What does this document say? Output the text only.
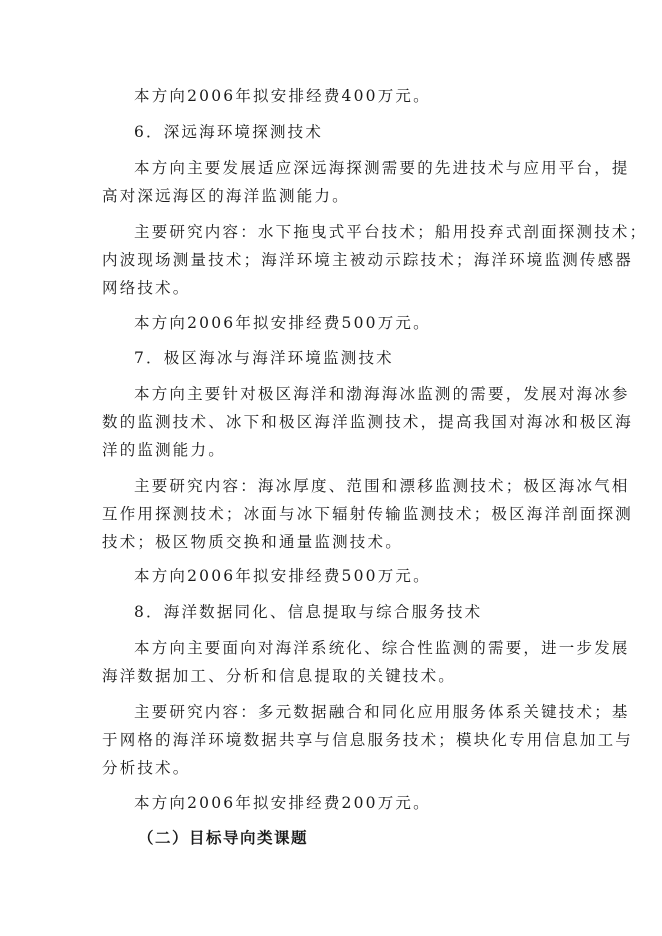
本方向2006年拟安排经费400万元。
6．深远海环境探测技术
本方向主要发展适应深远海探测需要的先进技术与应用平台，提
高对深远海区的海洋监测能力。
主要研究内容：水下拖曳式平台技术；船用投弃式剖面探测技术；
内波现场测量技术；海洋环境主被动示踪技术；海洋环境监测传感器
网络技术。
本方向2006年拟安排经费500万元。
7．极区海冰与海洋环境监测技术
本方向主要针对极区海洋和渤海海冰监测的需要，发展对海冰参
数的监测技术、冰下和极区海洋监测技术，提高我国对海冰和极区海
洋的监测能力。
主要研究内容：海冰厚度、范围和漂移监测技术；极区海冰气相
互作用探测技术；冰面与冰下辐射传输监测技术；极区海洋剖面探测
技术；极区物质交换和通量监测技术。
本方向2006年拟安排经费500万元。
8．海洋数据同化、信息提取与综合服务技术
本方向主要面向对海洋系统化、综合性监测的需要，进一步发展
海洋数据加工、分析和信息提取的关键技术。
主要研究内容：多元数据融合和同化应用服务体系关键技术；基
于网格的海洋环境数据共享与信息服务技术；模块化专用信息加工与
分析技术。
本方向2006年拟安排经费200万元。
（二）目标导向类课题
